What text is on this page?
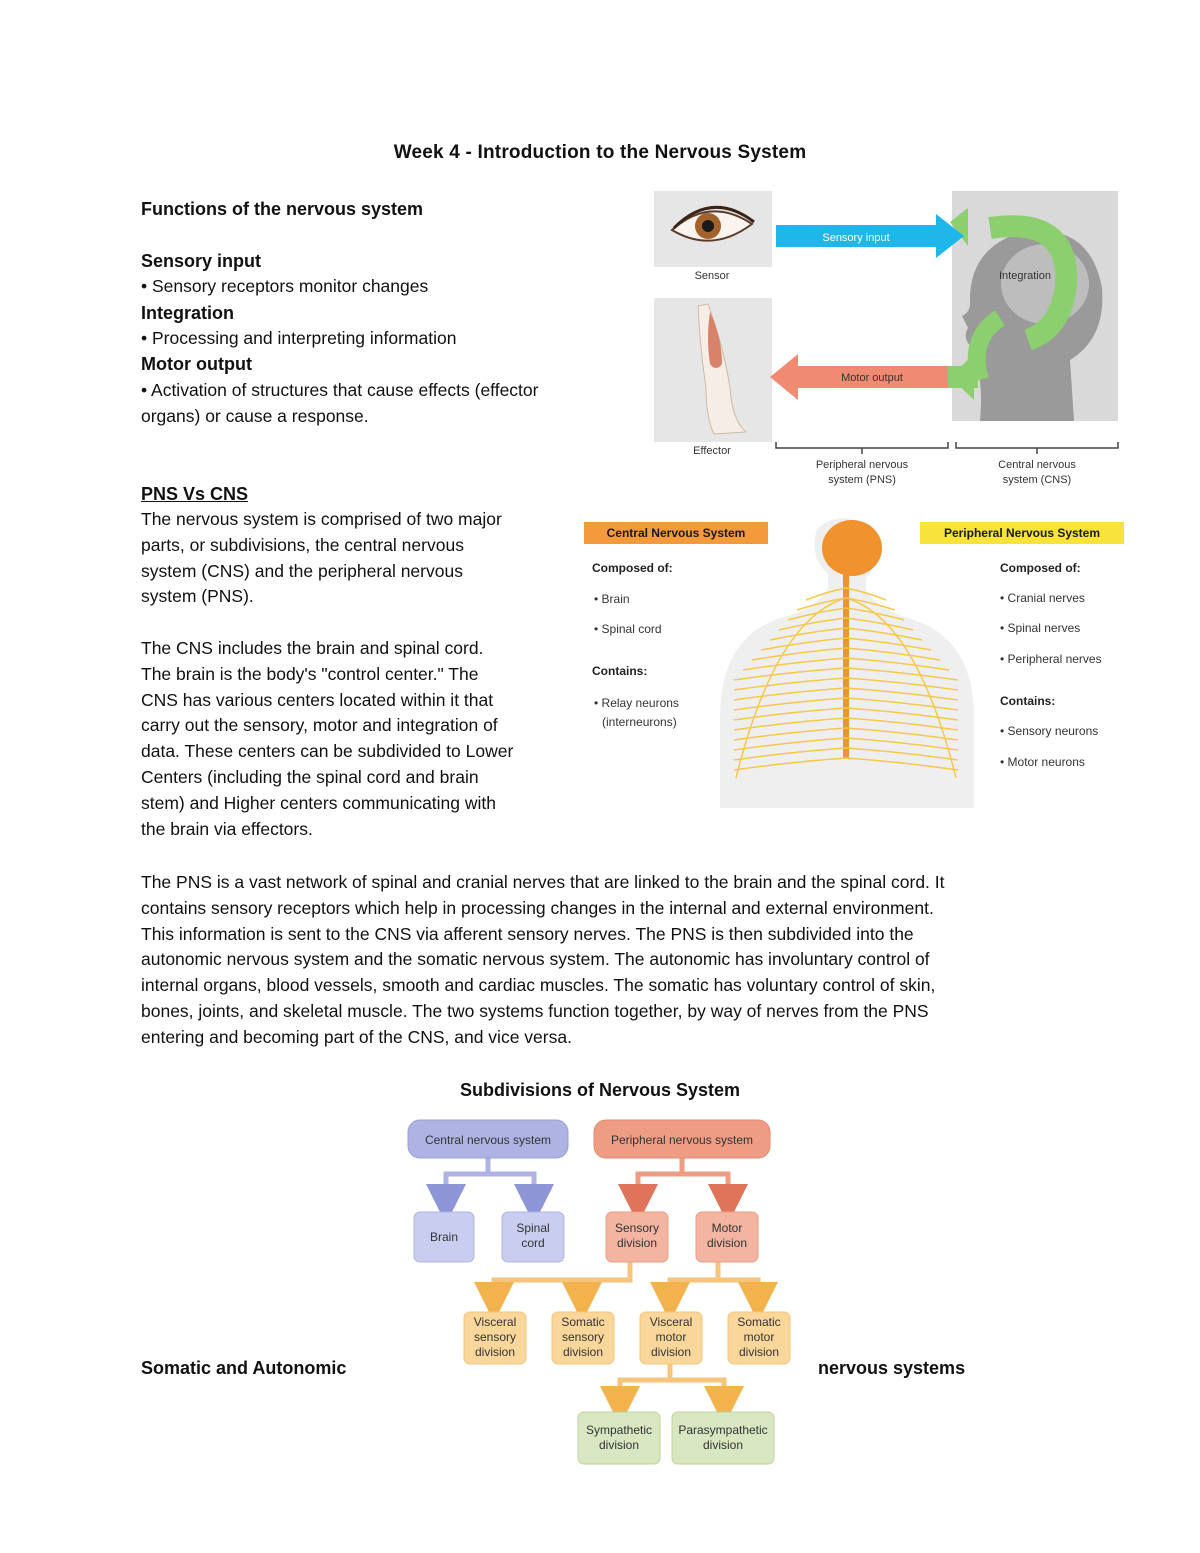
Week 4 - Introduction to the Nervous System
Functions of the nervous system
Sensory input
• Sensory receptors monitor changes
Integration
• Processing and interpreting information
Motor output
• Activation of structures that cause effects (effector
organs) or cause a response.
PNS Vs CNS
The nervous system is comprised of two major
parts, or subdivisions, the central nervous
system (CNS) and the peripheral nervous
system (PNS).
The CNS includes the brain and spinal cord.
The brain is the body's "control center." The
CNS has various centers located within it that
carry out the sensory, motor and integration of
data. These centers can be subdivided to Lower
Centers (including the spinal cord and brain
stem) and Higher centers communicating with
the brain via effectors.
The PNS is a vast network of spinal and cranial nerves that are linked to the brain and the spinal cord. It
contains sensory receptors which help in processing changes in the internal and external environment.
This information is sent to the CNS via afferent sensory nerves. The PNS is then subdivided into the
autonomic nervous system and the somatic nervous system. The autonomic has involuntary control of
internal organs, blood vessels, smooth and cardiac muscles. The somatic has voluntary control of skin,
bones, joints, and skeletal muscle. The two systems function together, by way of nerves from the PNS
entering and becoming part of the CNS, and vice versa.
Subdivisions of Nervous System
Somatic and Autonomic	nervous systems
Sensor
Effector
Integration
Sensory input
Motor output
Peripheral nervous
system (PNS)
Central nervous
system (CNS)
Central Nervous System	Peripheral Nervous System
Composed of:
• Brain
• Spinal cord
Contains:
• Relay neurons
(interneurons)
Composed of:
• Cranial nerves
• Spinal nerves
• Peripheral nerves
Contains:
• Sensory neurons
• Motor neurons
Central nervous system	Peripheral nervous system
Brain
Spinal
cord
Sensory
division
Motor
division
Visceral
sensory
division
Somatic
sensory
division
Visceral
motor
division
Somatic
motor
division
Sympathetic
division
Parasympathetic
division
